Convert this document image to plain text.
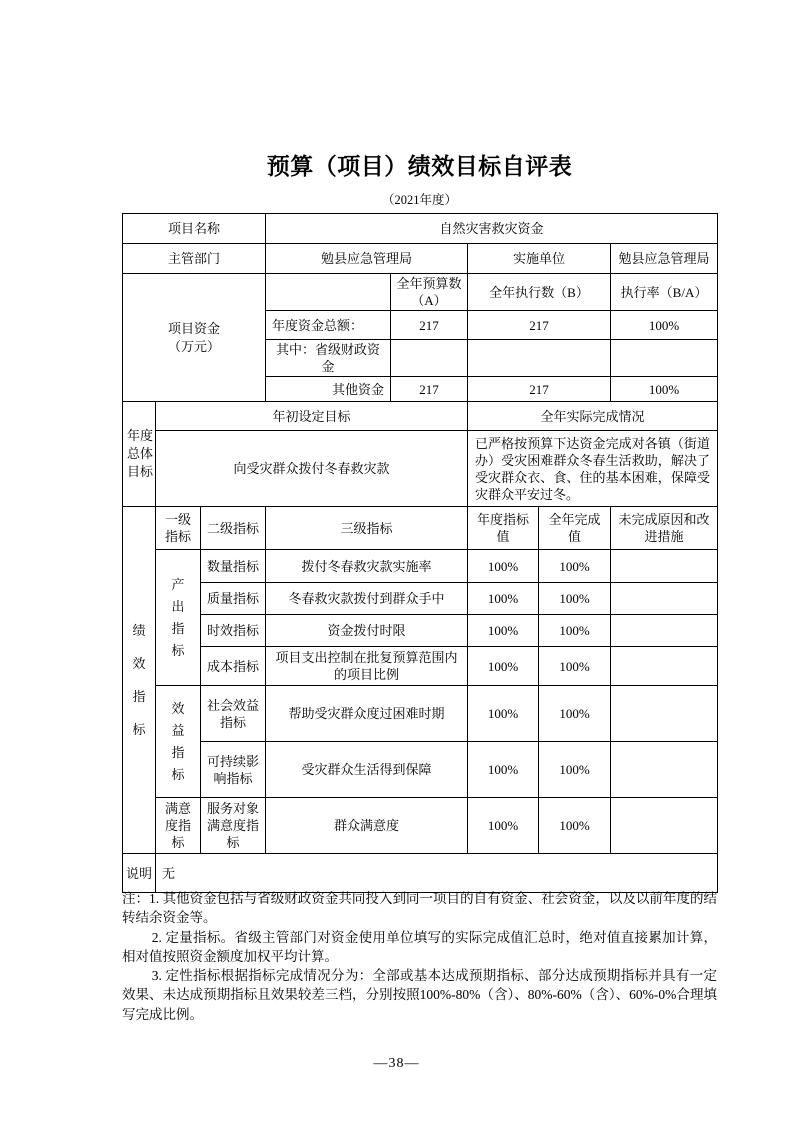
预算（项目）绩效目标自评表
（2021年度）
项目名称			自然灾害救灾资金				
主管部门			勉县应急管理局		实施单位		勉县应急管理局
项目资金（万元）				全年预算数（A）	全年执行数（B）		执行率（B/A）
			年度资金总额：	217	217		100%
			其中：省级财政资金				
			其他资金	217	217		100%
年度总体目标	年初设定目标				全年实际完成情况		
	向受灾群众拨付冬春救灾款				已严格按预算下达资金完成对各镇（街道办）受灾困难群众冬春生活救助，解决了受灾群众衣、食、住的基本困难，保障受灾群众平安过冬。		
绩效指标	一级指标	二级指标	三级指标		年度指标值	全年完成值	未完成原因和改进措施
	产出指标	数量指标	拨付冬春救灾款实施率		100%	100%	
		质量指标	冬春救灾款拨付到群众手中		100%	100%	
		时效指标	资金拨付时限		100%	100%	
		成本指标	项目支出控制在批复预算范围内的项目比例		100%	100%	
	效益指标	社会效益指标	帮助受灾群众度过困难时期		100%	100%	
		可持续影响指标	受灾群众生活得到保障		100%	100%	
	满意度指标	服务对象满意度指标	群众满意度		100%	100%	
说明	无						

注：1. 其他资金包括与省级财政资金共同投入到同一项目的自有资金、社会资金，以及以前年度的结转结余资金等。

2. 定量指标。省级主管部门对资金使用单位填写的实际完成值汇总时，绝对值直接累加计算，相对值按照资金额度加权平均计算。

3. 定性指标根据指标完成情况分为：全部或基本达成预期指标、部分达成预期指标并具有一定效果、未达成预期指标且效果较差三档，分别按照100%-80%（含）、80%-60%（含）、60%-0%合理填写完成比例。

—38—
